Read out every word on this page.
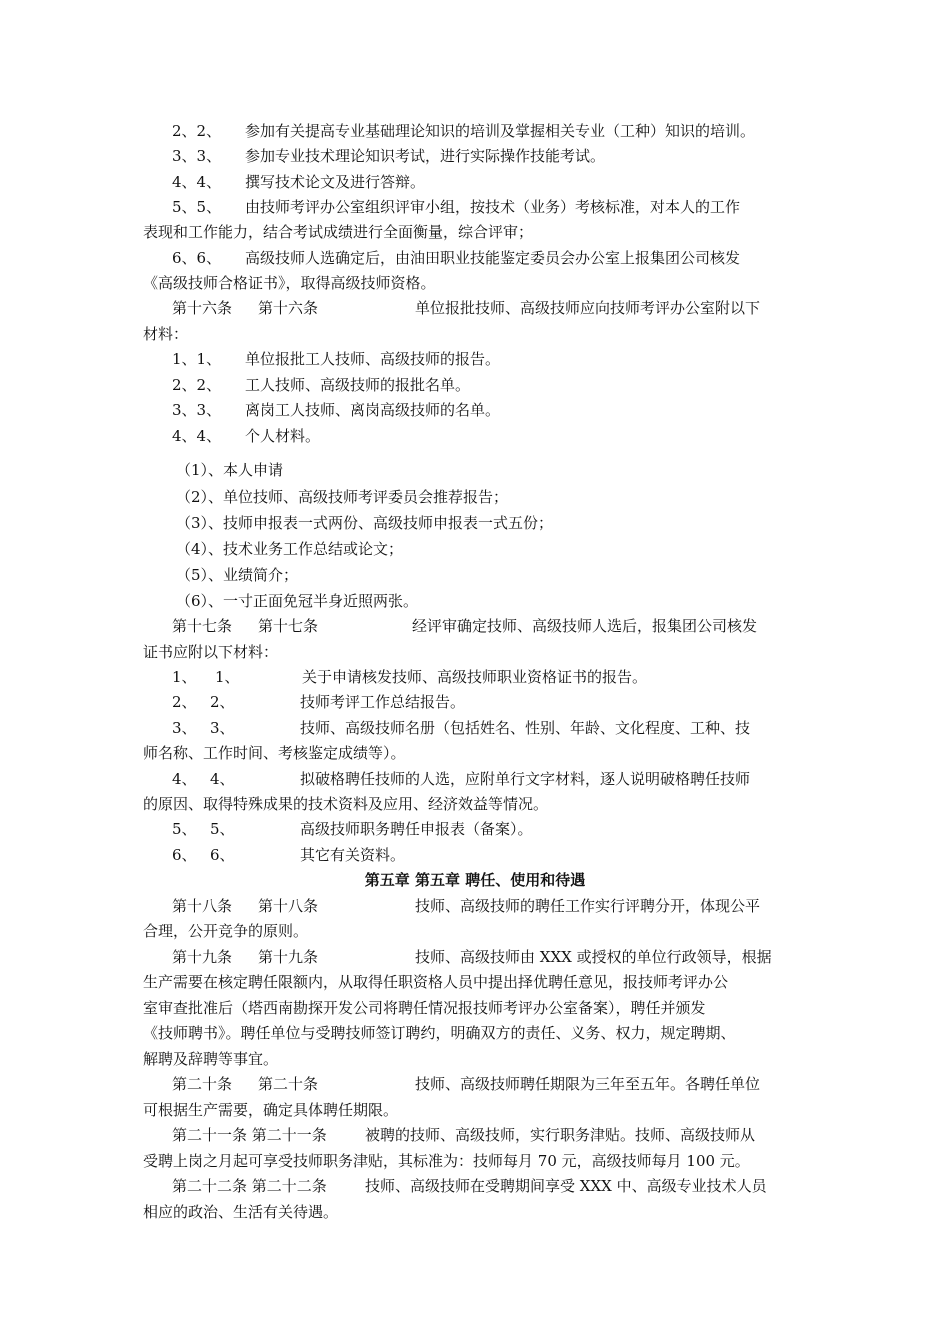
2、2、 参加有关提高专业基础理论知识的培训及掌握相关专业（工种）知识的培训。
3、3、 参加专业技术理论知识考试，进行实际操作技能考试。
4、4、 撰写技术论文及进行答辩。
5、5、 由技师考评办公室组织评审小组，按技术（业务）考核标准，对本人的工作
表现和工作能力，结合考试成绩进行全面衡量，综合评审；
6、6、 高级技师人选确定后，由油田职业技能鉴定委员会办公室上报集团公司核发
《高级技师合格证书》，取得高级技师资格。
第十六条 第十六条	单位报批技师、高级技师应向技师考评办公室附以下
材料：
1、1、 单位报批工人技师、高级技师的报告。
2、2、 工人技师、高级技师的报批名单。
3、3、 离岗工人技师、离岗高级技师的名单。
4、4、 个人材料。
（1）、本人申请
（2）、单位技师、高级技师考评委员会推荐报告；
（3）、技师申报表一式两份、高级技师申报表一式五份；
（4）、技术业务工作总结或论文；
（5）、业绩简介；
（6）、一寸正面免冠半身近照两张。
第十七条 第十七条	经评审确定技师、高级技师人选后，报集团公司核发
证书应附以下材料：
1、 1、	关于申请核发技师、高级技师职业资格证书的报告。
2、 2、	技师考评工作总结报告。
3、 3、	技师、高级技师名册（包括姓名、性别、年龄、文化程度、工种、技
师名称、工作时间、考核鉴定成绩等）。
4、 4、	拟破格聘任技师的人选，应附单行文字材料，逐人说明破格聘任技师
的原因、取得特殊成果的技术资料及应用、经济效益等情况。
5、 5、	高级技师职务聘任申报表（备案）。
6、 6、	其它有关资料。
第五章 第五章 聘任、使用和待遇
第十八条 第十八条	技师、高级技师的聘任工作实行评聘分开，体现公平
合理，公开竞争的原则。
第十九条 第十九条	技师、高级技师由 XXX 或授权的单位行政领导，根据
生产需要在核定聘任限额内，从取得任职资格人员中提出择优聘任意见，报技师考评办公
室审查批准后（塔西南勘探开发公司将聘任情况报技师考评办公室备案），聘任并颁发
《技师聘书》。聘任单位与受聘技师签订聘约，明确双方的责任、义务、权力，规定聘期、
解聘及辞聘等事宜。
第二十条 第二十条	技师、高级技师聘任期限为三年至五年。各聘任单位
可根据生产需要，确定具体聘任期限。
第二十一条 第二十一条	被聘的技师、高级技师，实行职务津贴。技师、高级技师从
受聘上岗之月起可享受技师职务津贴，其标准为：技师每月 70 元，高级技师每月 100 元。
第二十二条 第二十二条	技师、高级技师在受聘期间享受 XXX 中、高级专业技术人员
相应的政治、生活有关待遇。
